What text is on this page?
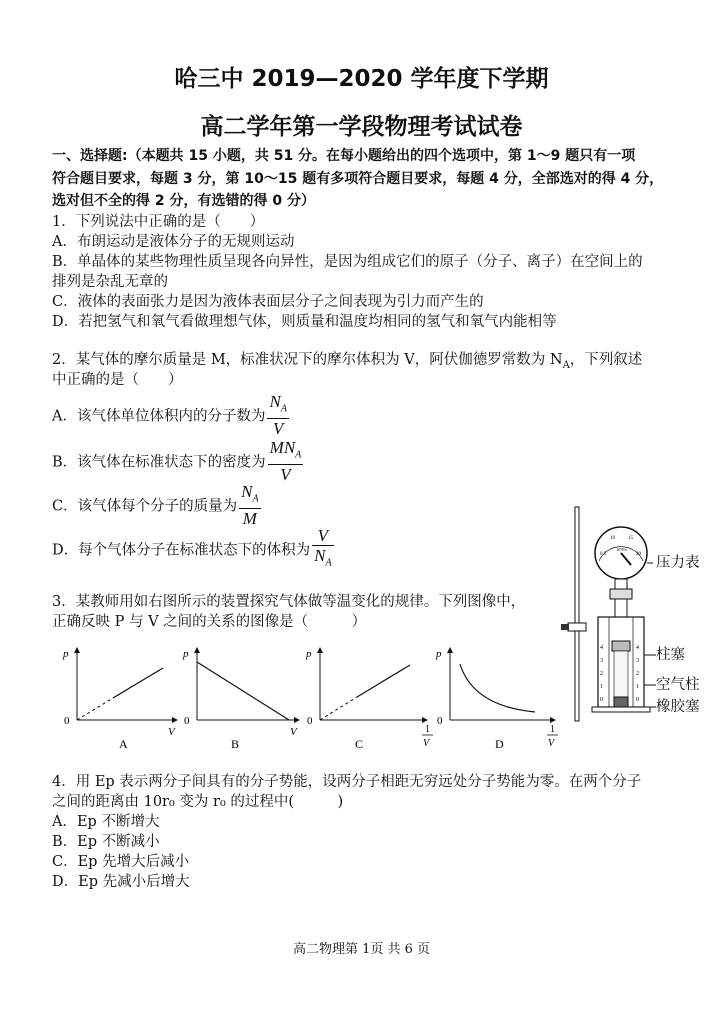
哈三中 2019—2020 学年度下学期
高二学年第一学段物理考试试卷
一、选择题:（本题共 15 小题，共 51 分。在每小题给出的四个选项中，第 1～9 题只有一项
符合题目要求，每题 3 分，第 10～15 题有多项符合题目要求，每题 4 分，全部选对的得 4 分，
选对但不全的得 2 分，有选错的得 0 分）
1．下列说法中正确的是（　　）
A．布朗运动是液体分子的无规则运动
B．单晶体的某些物理性质呈现各向异性，是因为组成它们的原子（分子、离子）在空间上的
排列是杂乱无章的
C．液体的表面张力是因为液体表面层分子之间表现为引力而产生的
D．若把氢气和氧气看做理想气体，则质量和温度均相同的氢气和氧气内能相等
2．某气体的摩尔质量是 M，标准状况下的摩尔体积为 V，阿伏伽德罗常数为 $N_A$，下列叙述
中正确的是（　　）
A．该气体单位体积内的分子数为 $\frac{N_A}{V}$
B．该气体在标准状态下的密度为 $\frac{MN_A}{V}$
C．该气体每个分子的质量为 $\frac{N_A}{M}$
D．每个气体分子在标准状态下的体积为 $\frac{V}{N_A}$	10	15
20
0.5
10⁵Pa
4
3
2
1
0
4
3
2
1
0
压力表
柱塞
空气柱
橡胶塞
3．某教师用如右图所示的装置探究气体做等温变化的规律。下列图像中，
正确反映 P 与 V 之间的关系的图像是（　　　）
p
0
V
A
p
0
V
B
p
0
1
V
C
p
0
1
V
D
4．用 Ep 表示两分子间具有的分子势能，设两分子相距无穷远处分子势能为零。在两个分子
之间的距离由 10r₀ 变为 r₀ 的过程中(　　　)
A．Ep 不断增大
B．Ep 不断减小
C．Ep 先增大后减小
D．Ep 先减小后增大
高二物理第 1页 共 6 页
